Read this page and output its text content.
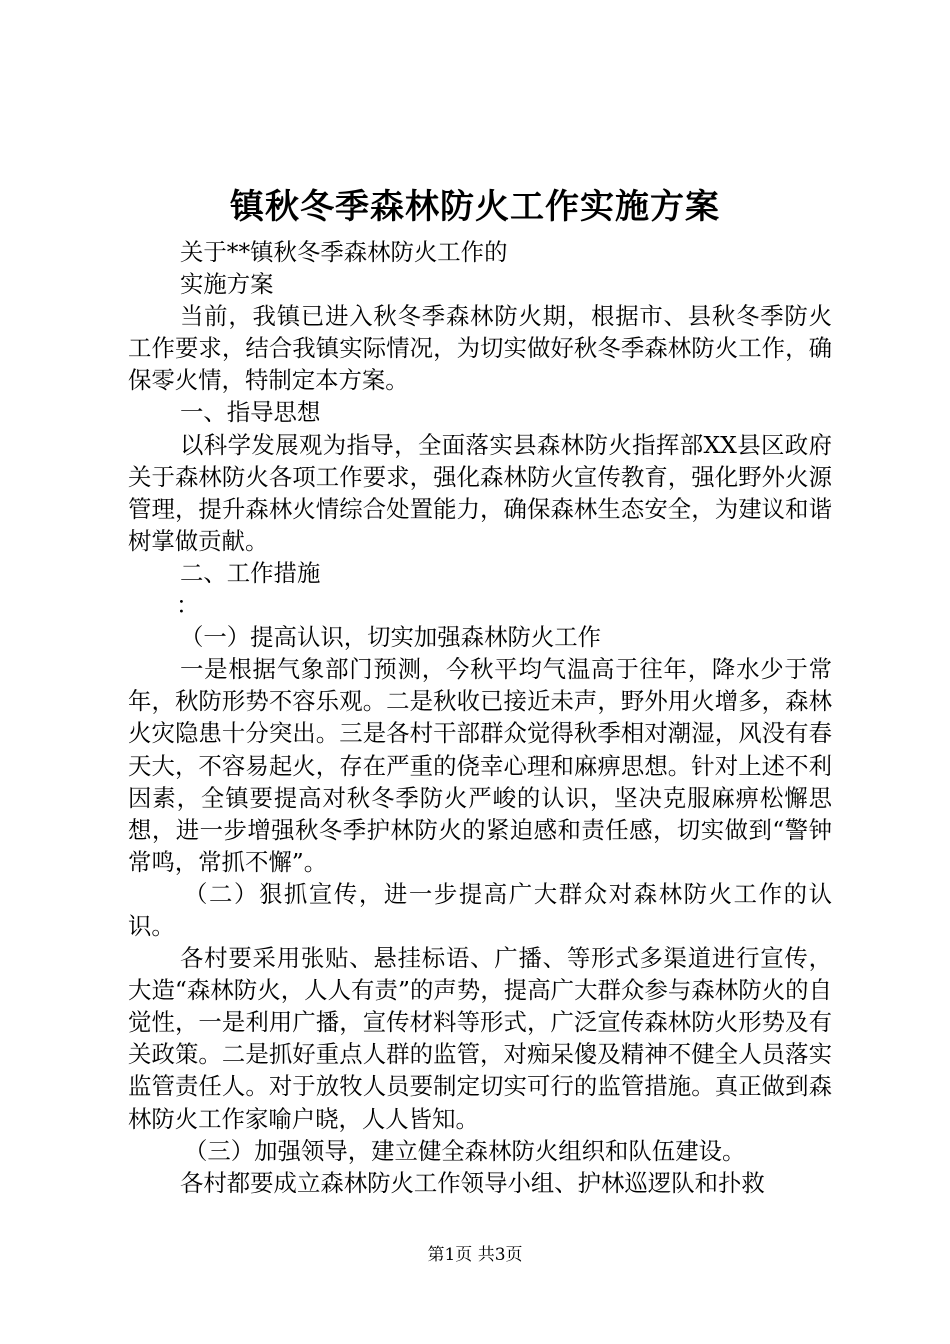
镇秋冬季森林防火工作实施方案

关于**镇秋冬季森林防火工作的

实施方案

当前，我镇已进入秋冬季森林防火期，根据市、县秋冬季防火工作要求，结合我镇实际情况，为切实做好秋冬季森林防火工作，确保零火情，特制定本方案。

一、指导思想

以科学发展观为指导，全面落实县森林防火指挥部XX县区政府关于森林防火各项工作要求，强化森林防火宣传教育，强化野外火源管理，提升森林火情综合处置能力，确保森林生态安全，为建议和谐树掌做贡献。

二、工作措施

：

（一）提高认识，切实加强森林防火工作

一是根据气象部门预测，今秋平均气温高于往年，降水少于常年，秋防形势不容乐观。二是秋收已接近未声，野外用火增多，森林火灾隐患十分突出。三是各村干部群众觉得秋季相对潮湿，风没有春天大，不容易起火，存在严重的侥幸心理和麻痹思想。针对上述不利因素，全镇要提高对秋冬季防火严峻的认识，坚决克服麻痹松懈思想，进一步增强秋冬季护林防火的紧迫感和责任感，切实做到“警钟常鸣，常抓不懈”。

（二）狠抓宣传，进一步提高广大群众对森林防火工作的认识。

各村要采用张贴、悬挂标语、广播、等形式多渠道进行宣传，大造“森林防火，人人有责”的声势，提高广大群众参与森林防火的自觉性，一是利用广播，宣传材料等形式，广泛宣传森林防火形势及有关政策。二是抓好重点人群的监管，对痴呆傻及精神不健全人员落实监管责任人。对于放牧人员要制定切实可行的监管措施。真正做到森林防火工作家喻户晓，人人皆知。

（三）加强领导，建立健全森林防火组织和队伍建设。

各村都要成立森林防火工作领导小组、护林巡逻队和扑救

第1页 共3页
